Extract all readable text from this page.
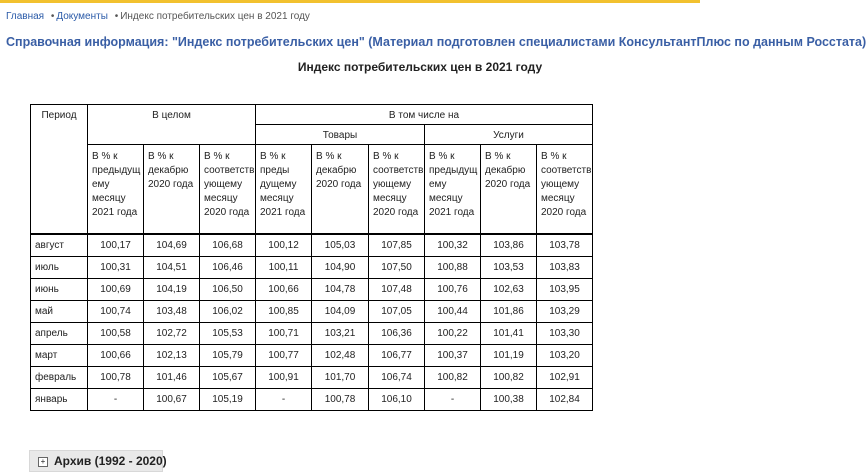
Главная • Документы • Индекс потребительских цен в 2021 году
Справочная информация: "Индекс потребительских цен" (Материал подготовлен специалистами КонсультантПлюс по данным Росстата)
Индекс потребительских цен в 2021 году
Период	В целом			В том числе на					
				Товары			Услуги		
	В % к предыдущ ему месяцу 2021 года	В % к декабрю 2020 года	В % к соответств ующему месяцу 2020 года	В % к преды дущему месяцу 2021 года	В % к декабрю 2020 года	В % к соответств ующему месяцу 2020 года	В % к предыдущ ему месяцу 2021 года	В % к декабрю 2020 года	В % к соответств ующему месяцу 2020 года
август	100,17	104,69	106,68	100,12	105,03	107,85	100,32	103,86	103,78
июль	100,31	104,51	106,46	100,11	104,90	107,50	100,88	103,53	103,83
июнь	100,69	104,19	106,50	100,66	104,78	107,48	100,76	102,63	103,95
май	100,74	103,48	106,02	100,85	104,09	107,05	100,44	101,86	103,29
апрель	100,58	102,72	105,53	100,71	103,21	106,36	100,22	101,41	103,30
март	100,66	102,13	105,79	100,77	102,48	106,77	100,37	101,19	103,20
февраль	100,78	101,46	105,67	100,91	101,70	106,74	100,82	100,82	102,91
январь	-	100,67	105,19	-	100,78	106,10	-	100,38	102,84
+ Архив (1992 - 2020)
